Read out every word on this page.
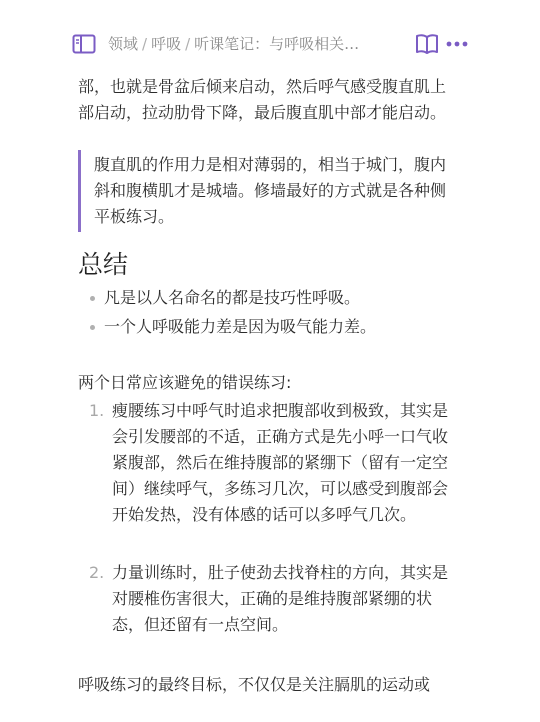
领域 / 呼吸 / 听课笔记：与呼吸相关…

部，也就是骨盆后倾来启动，然后呼气感受腹直肌上部启动，拉动肋骨下降，最后腹直肌中部才能启动。

腹直肌的作用力是相对薄弱的，相当于城门，腹内斜和腹横肌才是城墙。修墙最好的方式就是各种侧平板练习。
总结
凡是以人名命名的都是技巧性呼吸。
一个人呼吸能力差是因为吸气能力差。

两个日常应该避免的错误练习:

1. 瘦腰练习中呼气时追求把腹部收到极致，其实是会引发腰部的不适，正确方式是先小呼一口气收紧腹部，然后在维持腹部的紧绷下（留有一定空间）继续呼气，多练习几次，可以感受到腹部会开始发热，没有体感的话可以多呼气几次。
2. 力量训练时，肚子使劲去找脊柱的方向，其实是对腰椎伤害很大，正确的是维持腹部紧绷的状态，但还留有一点空间。

呼吸练习的最终目标，不仅仅是关注膈肌的运动或
